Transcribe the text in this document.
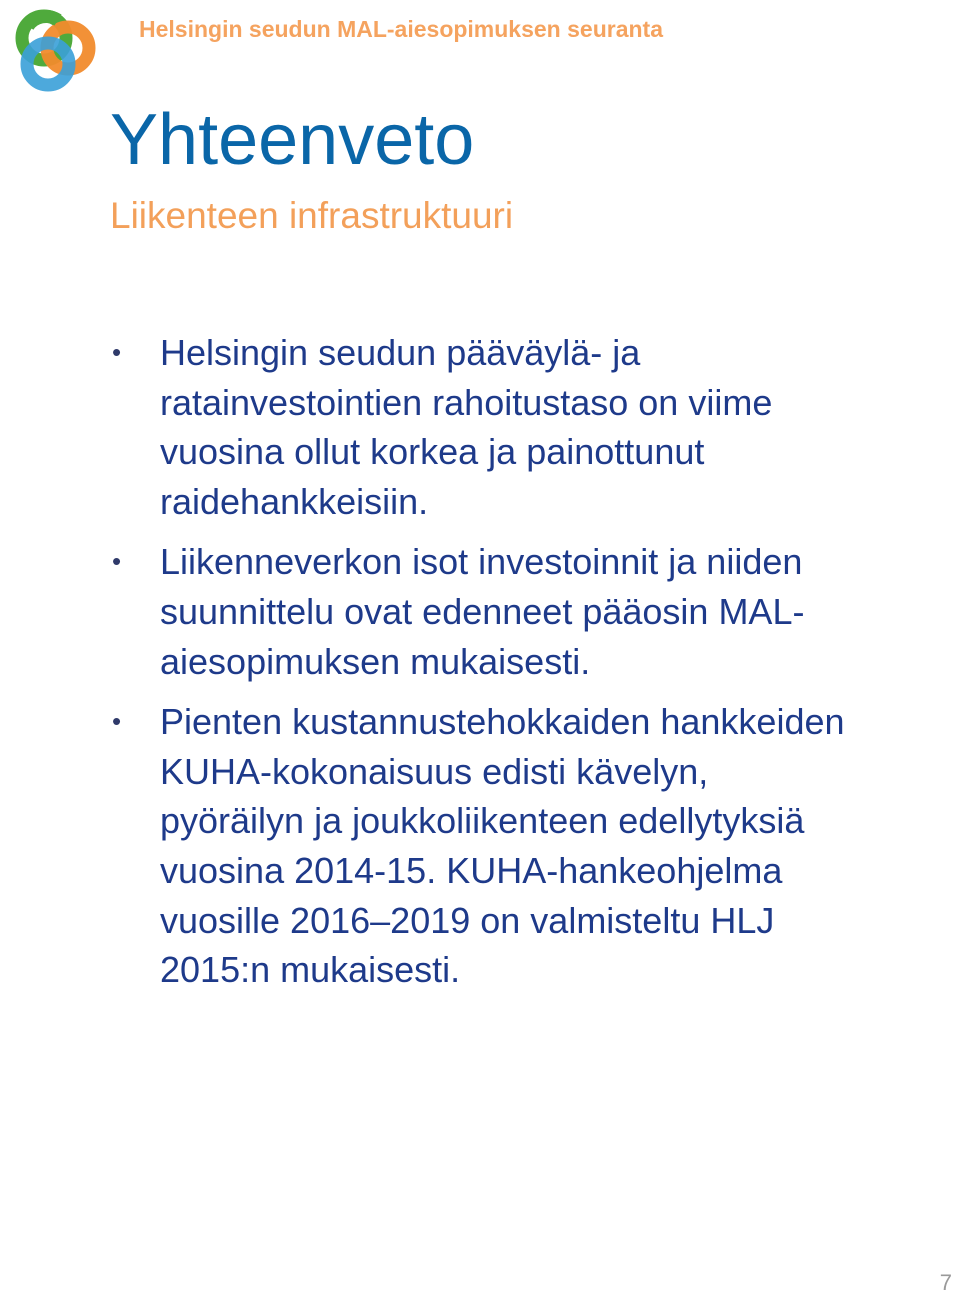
Helsingin seudun MAL-aiesopimuksen seuranta
Yhteenveto
Liikenteen infrastruktuuri
• Helsingin seudun pääväylä- ja
ratainvestointien rahoitustaso on viime
vuosina ollut korkea ja painottunut
raidehankkeisiin.
• Liikenneverkon isot investoinnit ja niiden
suunnittelu ovat edenneet pääosin MAL-
aiesopimuksen mukaisesti.
• Pienten kustannustehokkaiden hankkeiden
KUHA-kokonaisuus edisti kävelyn,
pyöräilyn ja joukkoliikenteen edellytyksiä
vuosina 2014-15. KUHA-hankeohjelma
vuosille 2016–2019 on valmisteltu HLJ
2015:n mukaisesti.
7
